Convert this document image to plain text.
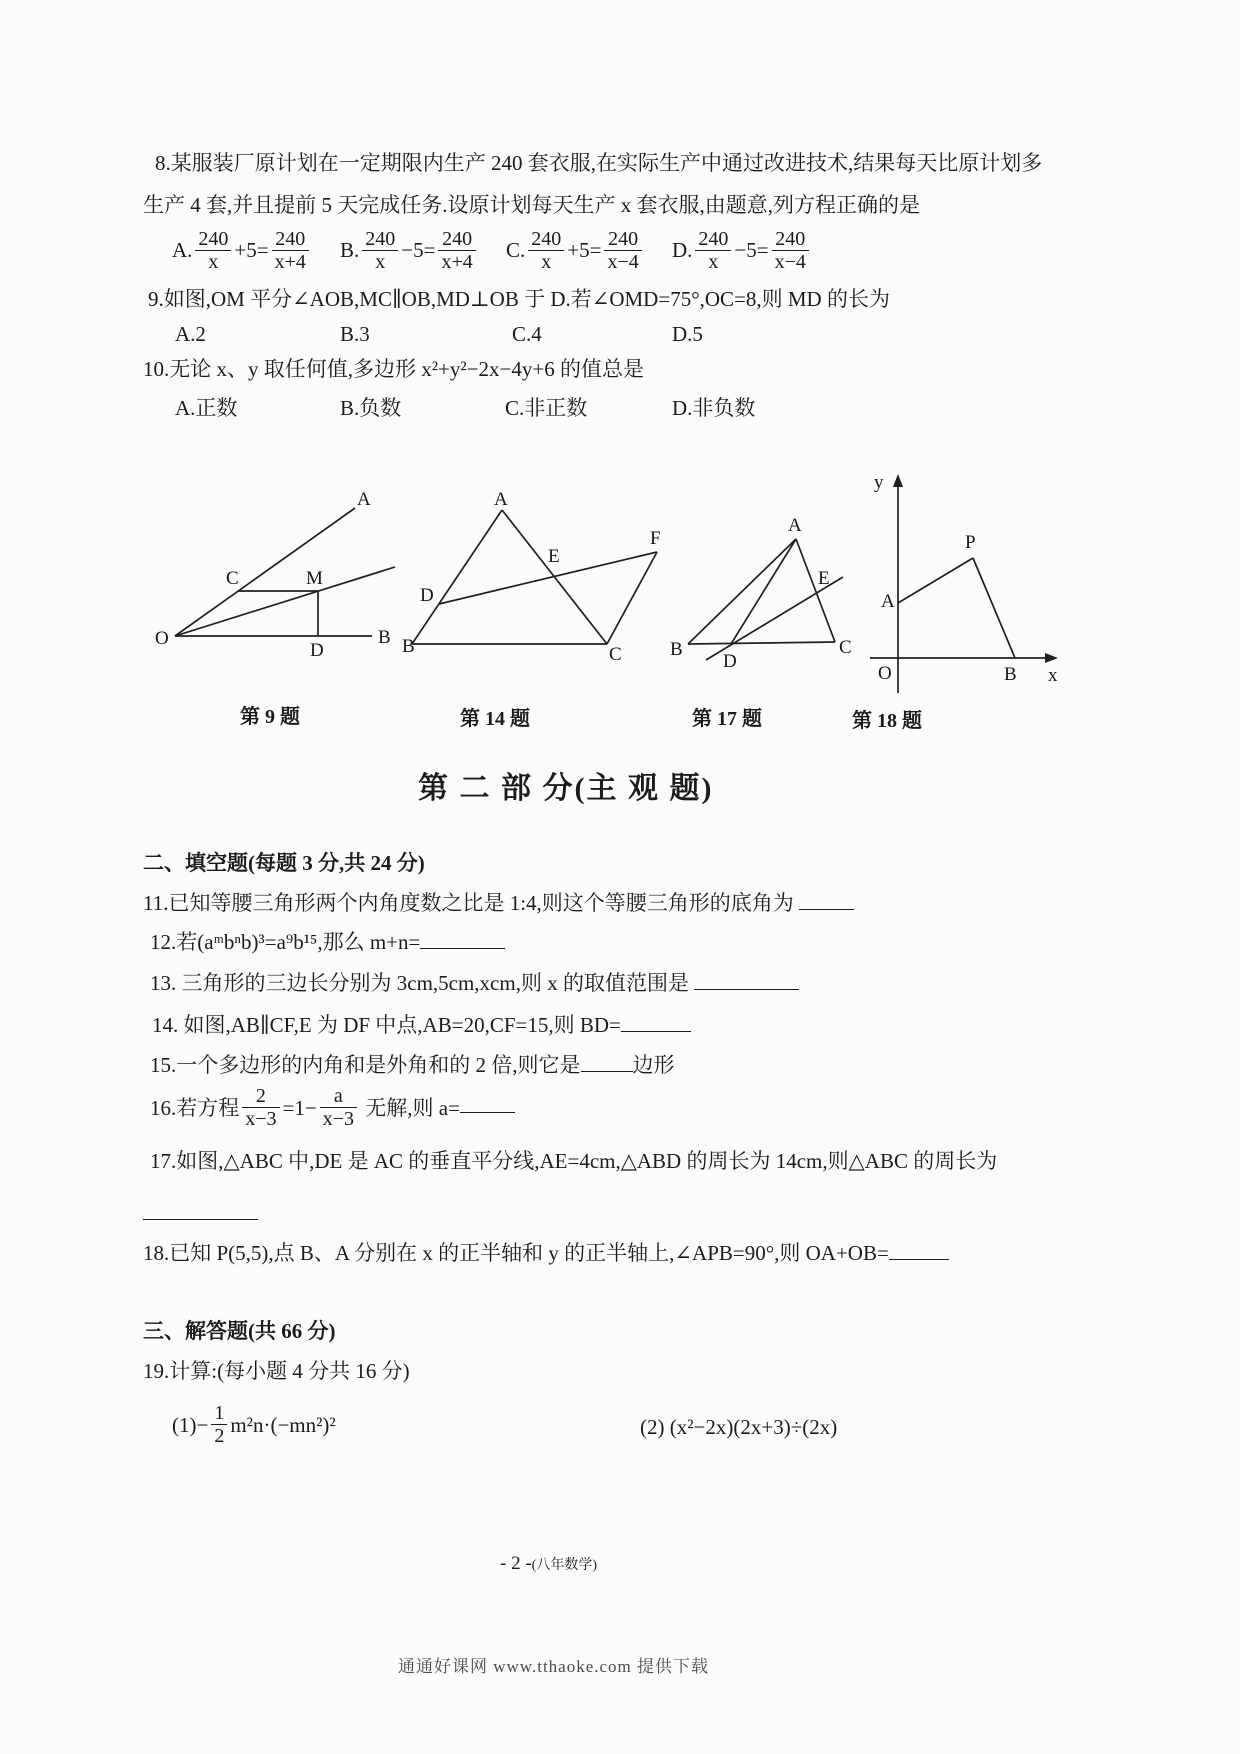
8.某服装厂原计划在一定期限内生产 240 套衣服,在实际生产中通过改进技术,结果每天比原计划多
生产 4 套,并且提前 5 天完成任务.设原计划每天生产 x 套衣服,由题意,列方程正确的是
A. $\frac{240}{x} +5= \frac{240}{x+4} B$. $\frac{240}{x} -5= \frac{240}{x+4} C$. $\frac{240}{x} +5= \frac{240}{x-4} D$. $\frac{240}{x} -5= \frac{240}{x-4}$
9.如图,OM 平分∠AOB,MC∥OB,MD⊥OB 于 D.若∠OMD=75°,OC=8,则 MD 的长为
A.2	B.3	C.4	D.5
10.无论 x、y 取任何值,多边形 x²+y²−2x−4y+6 的值总是
A.正数	B.负数	C.非正数	D.非负数
A
C	M
O
D
B
A
B	C
D
E
F
A
B	C
D
E
y
x
O
A
P
B
第 9 题	第 14 题	第 17 题	第 18 题
第 二 部 分(主 观 题)
二、填空题(每题 3 分,共 24 分)
11.已知等腰三角形两个内角度数之比是 1:4,则这个等腰三角形的底角为
12.若(aᵐbⁿb)³=a⁹b¹⁵,那么 m+n=
13. 三角形的三边长分别为 3cm,5cm,xcm,则 x 的取值范围是
14. 如图,AB∥CF,E 为 DF 中点,AB=20,CF=15,则 BD=
15.一个多边形的内角和是外角和的 2 倍,则它是 边形
16.若方程 $\frac{2}{x-3} =1- \frac{a}{x-3}$ 无解,则 a=
17.如图,△ABC 中,DE 是 AC 的垂直平分线,AE=4cm,△ABD 的周长为 14cm,则△ABC 的周长为
18.已知 P(5,5),点 B、A 分别在 x 的正半轴和 y 的正半轴上,∠APB=90°,则 OA+OB=
三、解答题(共 66 分)
19.计算:(每小题 4 分共 16 分)
$(1)- \frac{1}{2} m^2n\cdot(-mn^2)^2$	(2) (x²−2x)(2x+3)÷(2x)
- 2 -(八年数学)
通通好课网 www.tthaoke.com 提供下载
